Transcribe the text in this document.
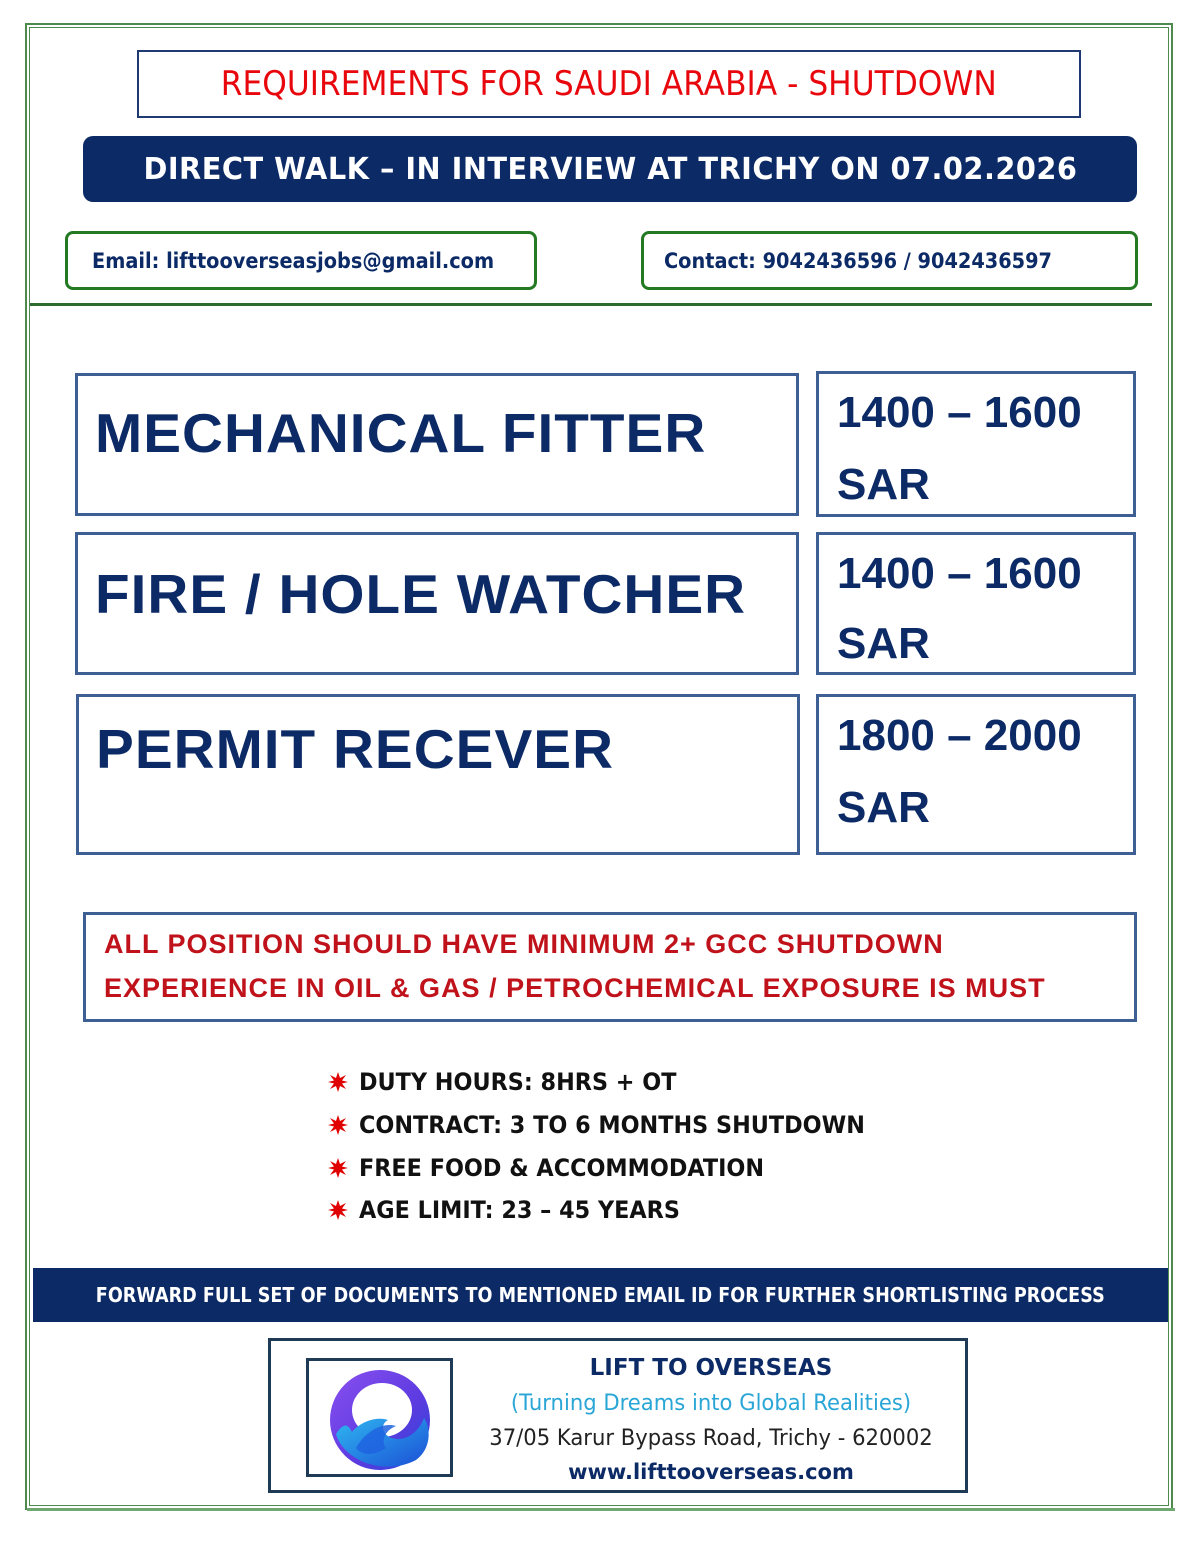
REQUIREMENTS FOR SAUDI ARABIA - SHUTDOWN
DIRECT WALK – IN INTERVIEW AT TRICHY ON 07.02.2026
Email: lifttooverseasjobs@gmail.com	Contact: 9042436596 / 9042436597
MECHANICAL FITTER	1400 – 1600
SAR
FIRE / HOLE WATCHER 1400 – 1600
SAR
PERMIT RECEVER	1800 – 2000
SAR
ALL POSITION SHOULD HAVE MINIMUM 2+ GCC SHUTDOWN
EXPERIENCE IN OIL & GAS / PETROCHEMICAL EXPOSURE IS MUST
DUTY HOURS: 8HRS + OT
CONTRACT: 3 TO 6 MONTHS SHUTDOWN
FREE FOOD & ACCOMMODATION
AGE LIMIT: 23 – 45 YEARS
FORWARD FULL SET OF DOCUMENTS TO MENTIONED EMAIL ID FOR FURTHER SHORTLISTING PROCESS
LIFT TO OVERSEAS
(Turning Dreams into Global Realities)
37/05 Karur Bypass Road, Trichy - 620002
www.lifttooverseas.com
